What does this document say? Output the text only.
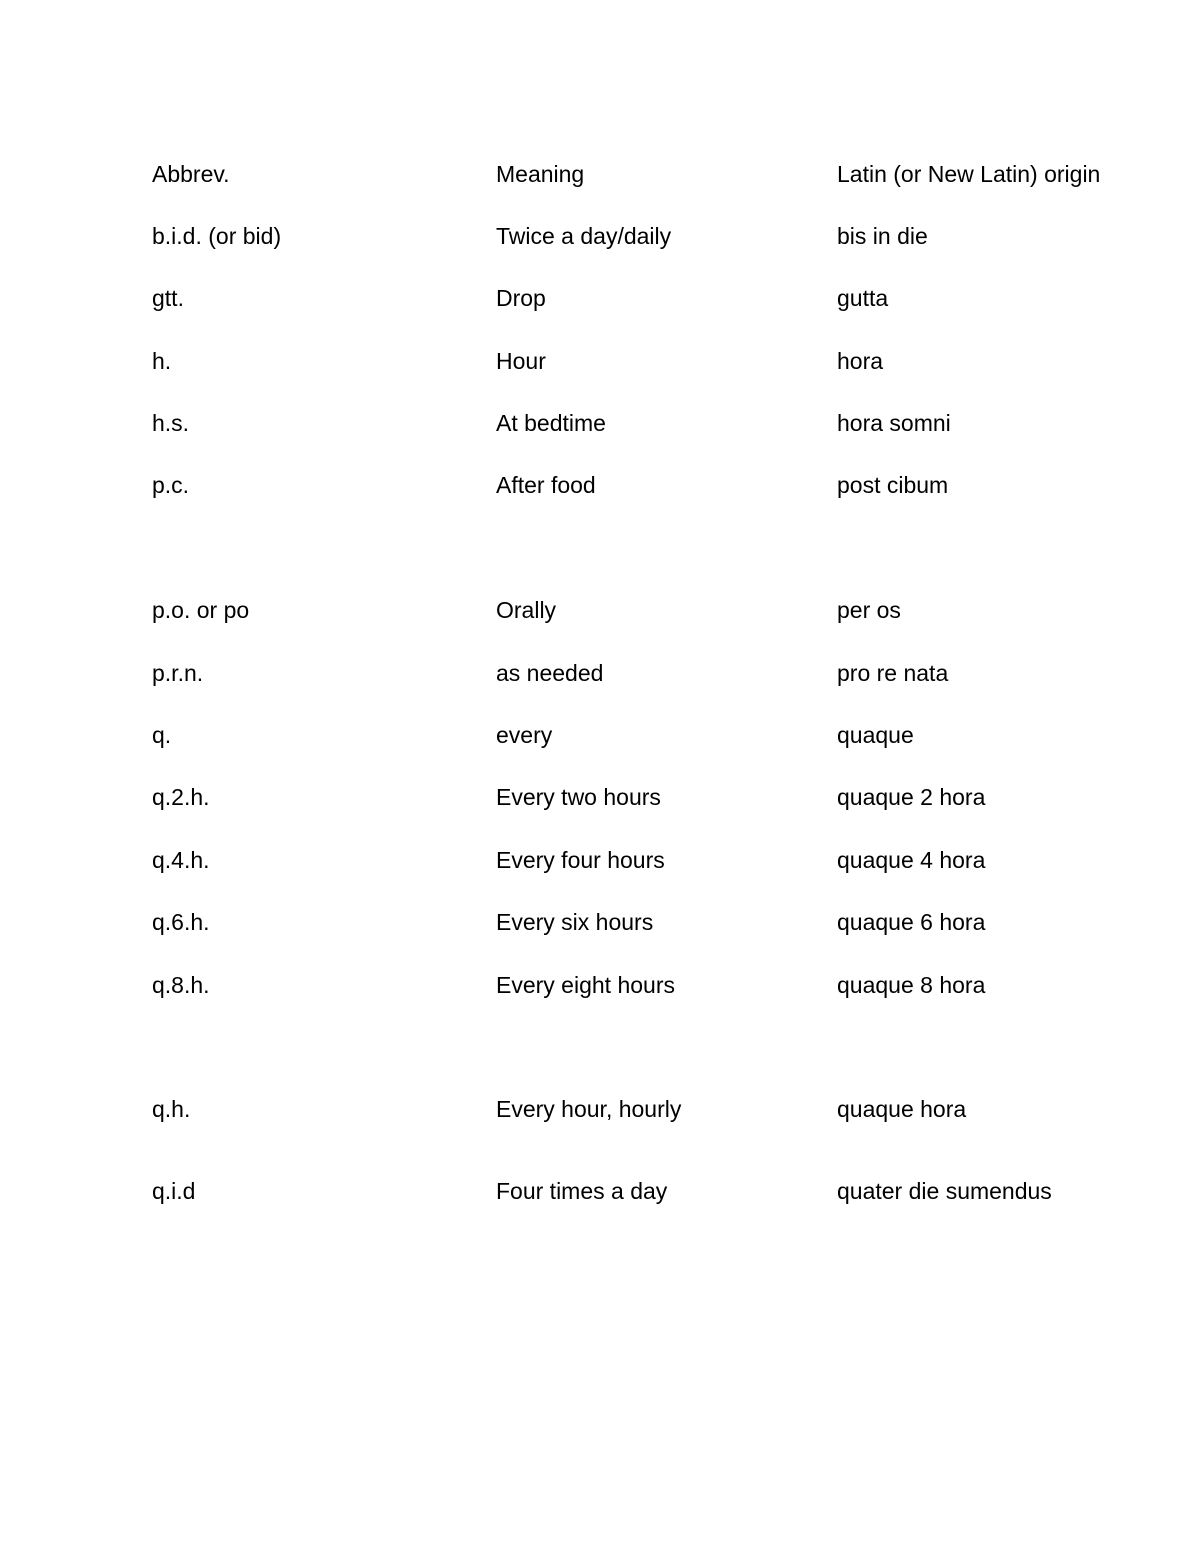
Abbrev.	Meaning	Latin (or New Latin) origin
b.i.d. (or bid)	Twice a day/daily	bis in die
gtt.	Drop	gutta
h.	Hour	hora
h.s.	At bedtime	hora somni
p.c.	After food	post cibum
p.o. or po	Orally	per os
p.r.n.	as needed	pro re nata
q.	every	quaque
q.2.h.	Every two hours	quaque 2 hora
q.4.h.	Every four hours	quaque 4 hora
q.6.h.	Every six hours	quaque 6 hora
q.8.h.	Every eight hours	quaque 8 hora
q.h.	Every hour, hourly	quaque hora
q.i.d	Four times a day	quater die sumendus
